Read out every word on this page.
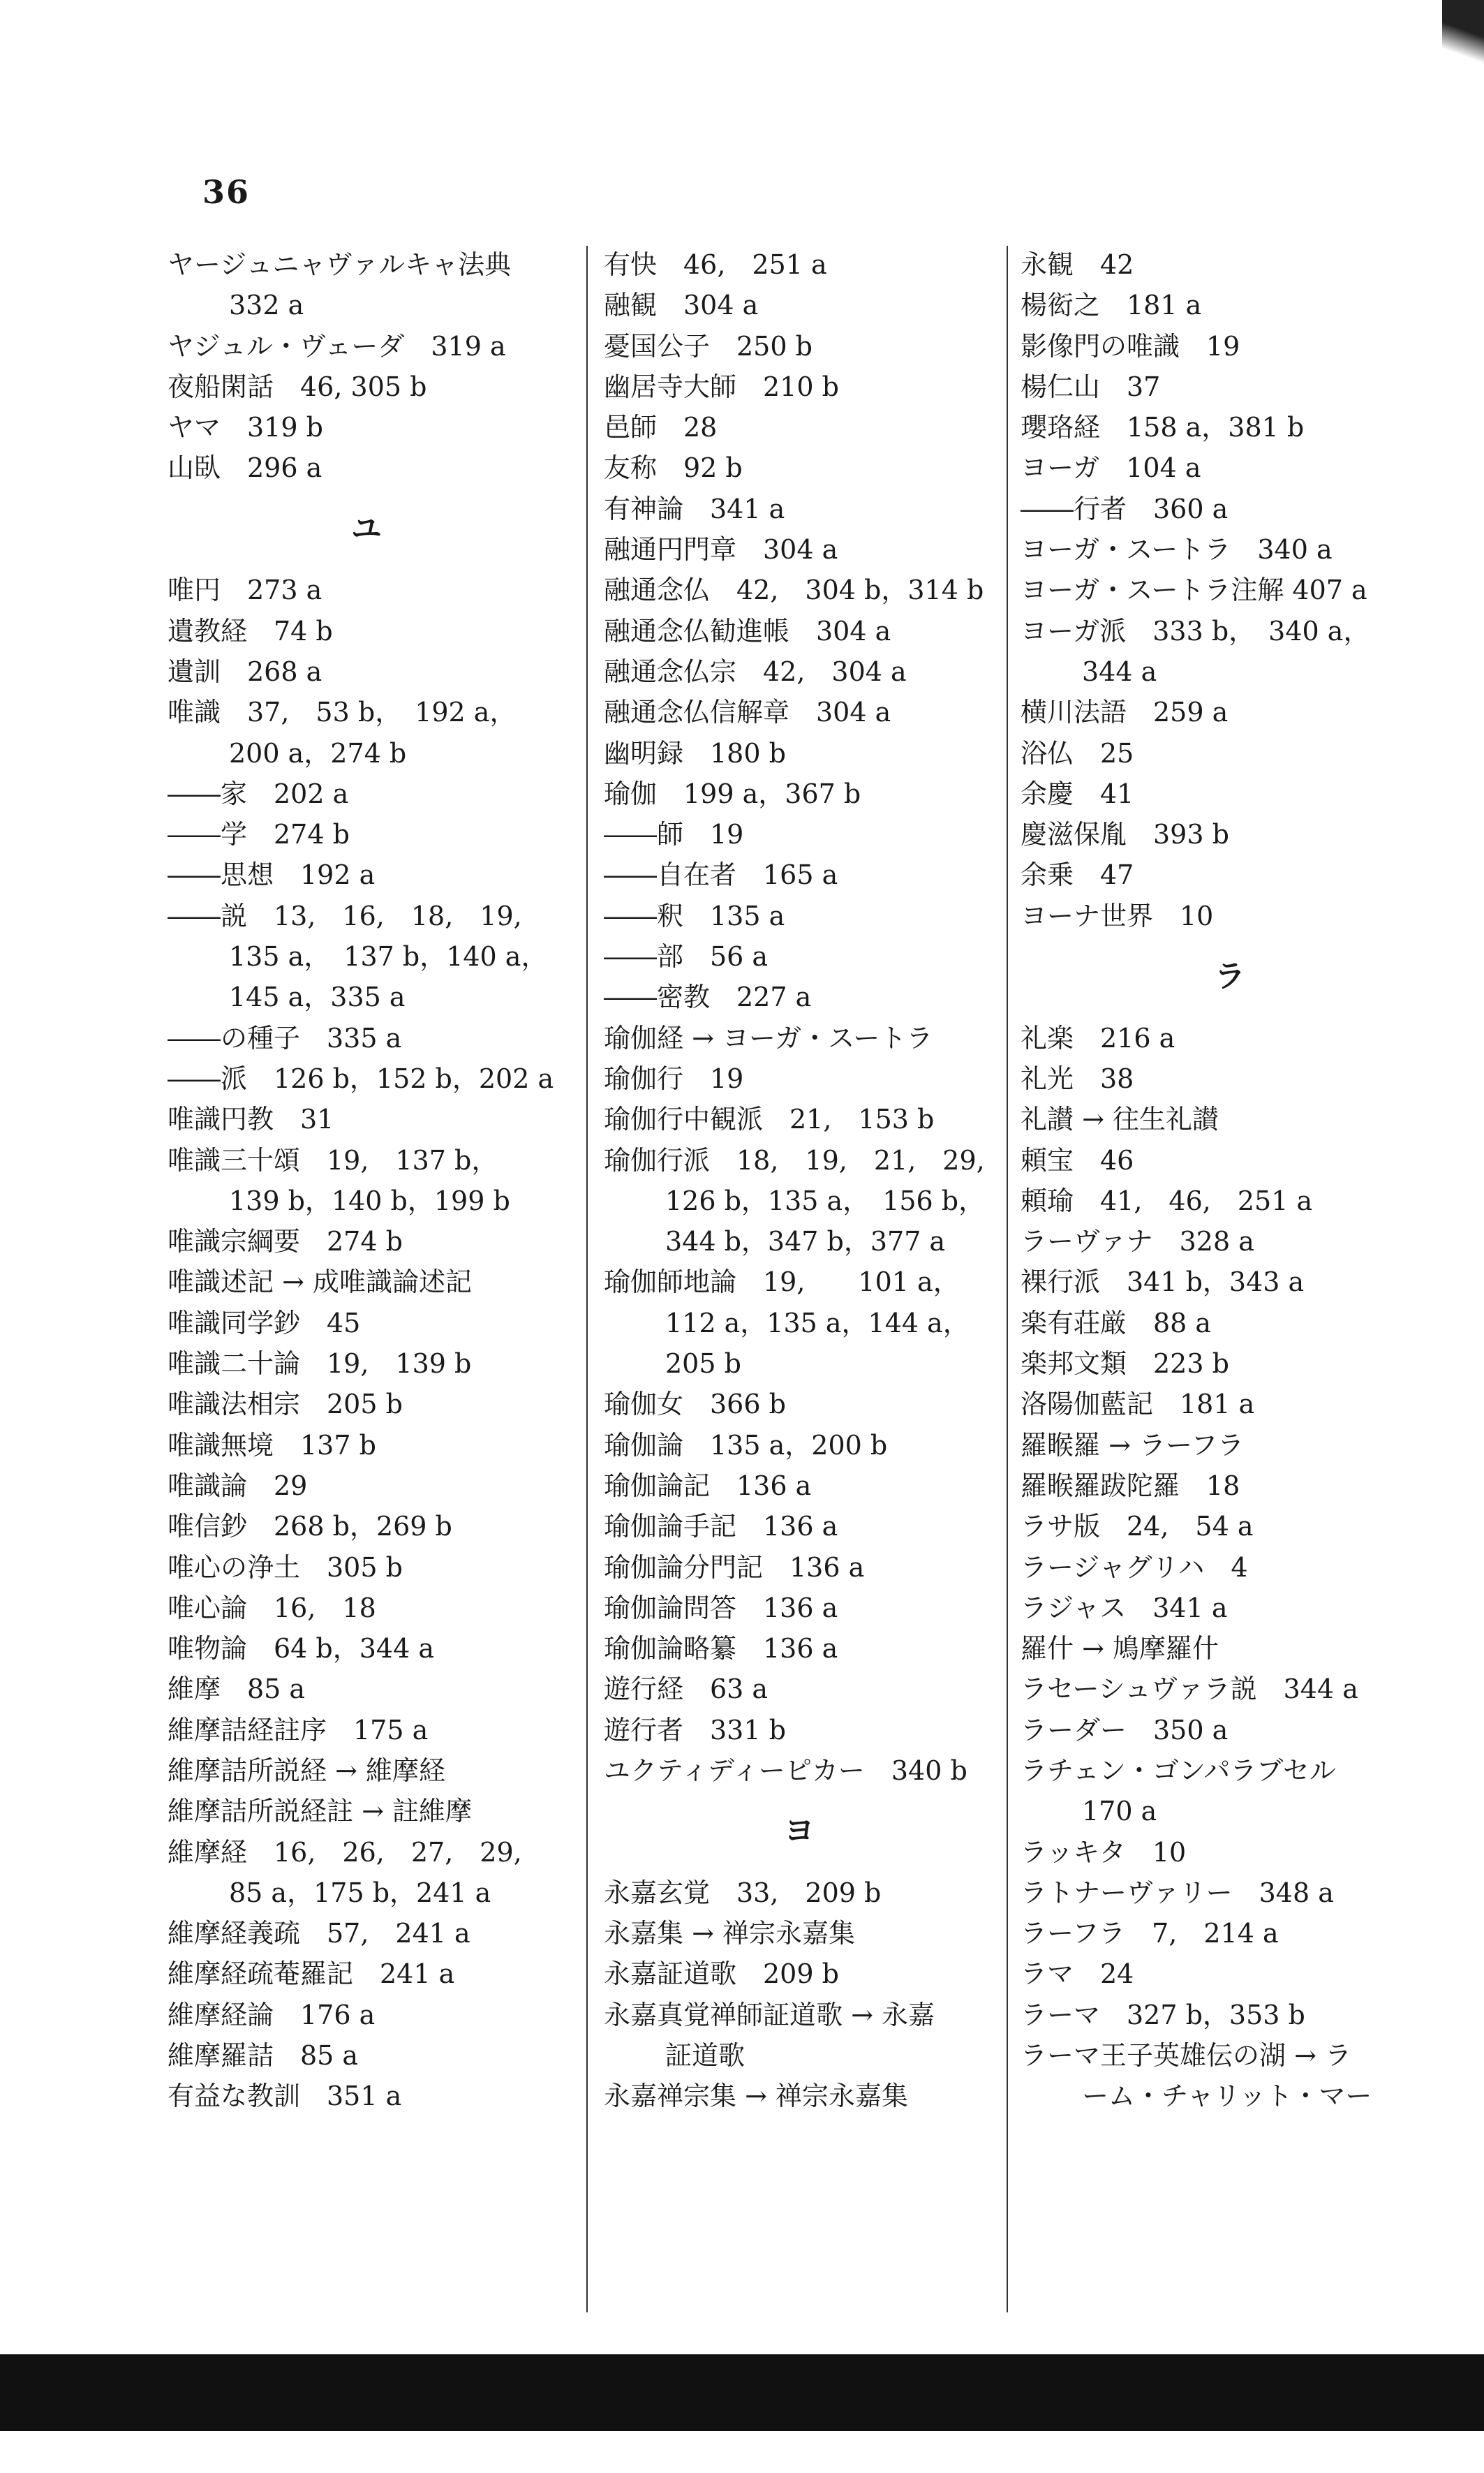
36
ヤージュニャヴァルキャ法典
332 a
ヤジュル・ヴェーダ　319 a
夜船閑話　46, 305 b
ヤマ　319 b
山臥　296 a
ユ
唯円　273 a
遺教経　74 b
遺訓　268 a
唯識　37,　53 b，　192 a，
200 a，274 b
――家　202 a
――学　274 b
――思想　192 a
――説　13,　16,　18,　19,
135 a，　137 b，140 a，
145 a，335 a
――の種子　335 a
――派　126 b，152 b，202 a
唯識円教　31
唯識三十頌　19,　137 b，
139 b，140 b，199 b
唯識宗綱要　274 b
唯識述記 → 成唯識論述記
唯識同学鈔　45
唯識二十論　19,　139 b
唯識法相宗　205 b
唯識無境　137 b
唯識論　29
唯信鈔　268 b，269 b
唯心の浄土　305 b
唯心論　16,　18
唯物論　64 b，344 a
維摩　85 a
維摩詰経註序　175 a
維摩詰所説経 → 維摩経
維摩詰所説経註 → 註維摩
維摩経　16,　26,　27,　29,
85 a，175 b，241 a
維摩経義疏　57,　241 a
維摩経疏菴羅記　241 a
維摩経論　176 a
維摩羅詰　85 a
有益な教訓　351 a
有快　46,　251 a
融観　304 a
憂国公子　250 b
幽居寺大師　210 b
邑師　28
友称　92 b
有神論　341 a
融通円門章　304 a
融通念仏　42,　304 b，314 b
融通念仏勧進帳　304 a
融通念仏宗　42,　304 a
融通念仏信解章　304 a
幽明録　180 b
瑜伽　199 a，367 b
――師　19
――自在者　165 a
――釈　135 a
――部　56 a
――密教　227 a
瑜伽経 → ヨーガ・スートラ
瑜伽行　19
瑜伽行中観派　21,　153 b
瑜伽行派　18,　19,　21,　29,
126 b，135 a，　156 b，
344 b，347 b，377 a
瑜伽師地論　19,　　101 a，
112 a，135 a，144 a，
205 b
瑜伽女　366 b
瑜伽論　135 a，200 b
瑜伽論記　136 a
瑜伽論手記　136 a
瑜伽論分門記　136 a
瑜伽論問答　136 a
瑜伽論略纂　136 a
遊行経　63 a
遊行者　331 b
ユクティディーピカー　340 b
ヨ
永嘉玄覚　33,　209 b
永嘉集 → 禅宗永嘉集
永嘉証道歌　209 b
永嘉真覚禅師証道歌 → 永嘉
証道歌
永嘉禅宗集 → 禅宗永嘉集
永観　42
楊衒之　181 a
影像門の唯識　19
楊仁山　37
瓔珞経　158 a，381 b
ヨーガ　104 a
――行者　360 a
ヨーガ・スートラ　340 a
ヨーガ・スートラ注解 407 a
ヨーガ派　333 b，　340 a，
344 a
横川法語　259 a
浴仏　25
余慶　41
慶滋保胤　393 b
余乗　47
ヨーナ世界　10
ラ
礼楽　216 a
礼光　38
礼讃 → 往生礼讃
頼宝　46
頼瑜　41,　46,　251 a
ラーヴァナ　328 a
裸行派　341 b，343 a
楽有荘厳　88 a
楽邦文類　223 b
洛陽伽藍記　181 a
羅睺羅 → ラーフラ
羅睺羅跋陀羅　18
ラサ版　24,　54 a
ラージャグリハ　4
ラジャス　341 a
羅什 → 鳩摩羅什
ラセーシュヴァラ説　344 a
ラーダー　350 a
ラチェン・ゴンパラブセル
170 a
ラッキタ　10
ラトナーヴァリー　348 a
ラーフラ　7,　214 a
ラマ　24
ラーマ　327 b，353 b
ラーマ王子英雄伝の湖 → ラ
ーム・チャリット・マー
